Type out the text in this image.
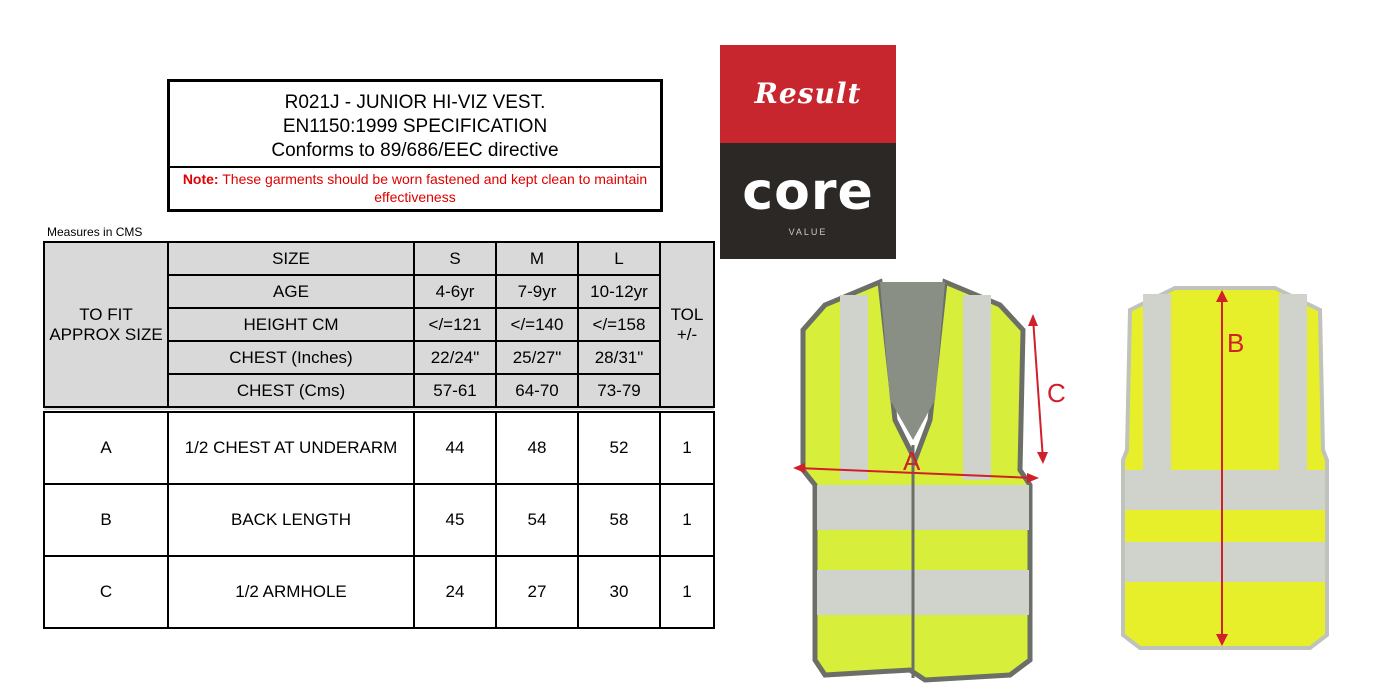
R021J - JUNIOR HI-VIZ VEST.
EN1150:1999 SPECIFICATION
Conforms to 89/686/EEC directive
Note: These garments should be worn fastened and kept clean to maintain effectiveness
Measures in CMS
TO FIT APPROX SIZE	SIZE	S	M	L	TOL +/-
	AGE	4-6yr	7-9yr	10-12yr	
	HEIGHT CM	</=121	</=140	</=158	
	CHEST (Inches)	22/24"	25/27"	28/31"	
	CHEST (Cms)	57-61	64-70	73-79	
A	1/2 CHEST AT UNDERARM	44	48	52	1
B	BACK LENGTH	45	54	58	1
C	1/2 ARMHOLE	24	27	30	1
Result
core
VALUE
A
C
B
